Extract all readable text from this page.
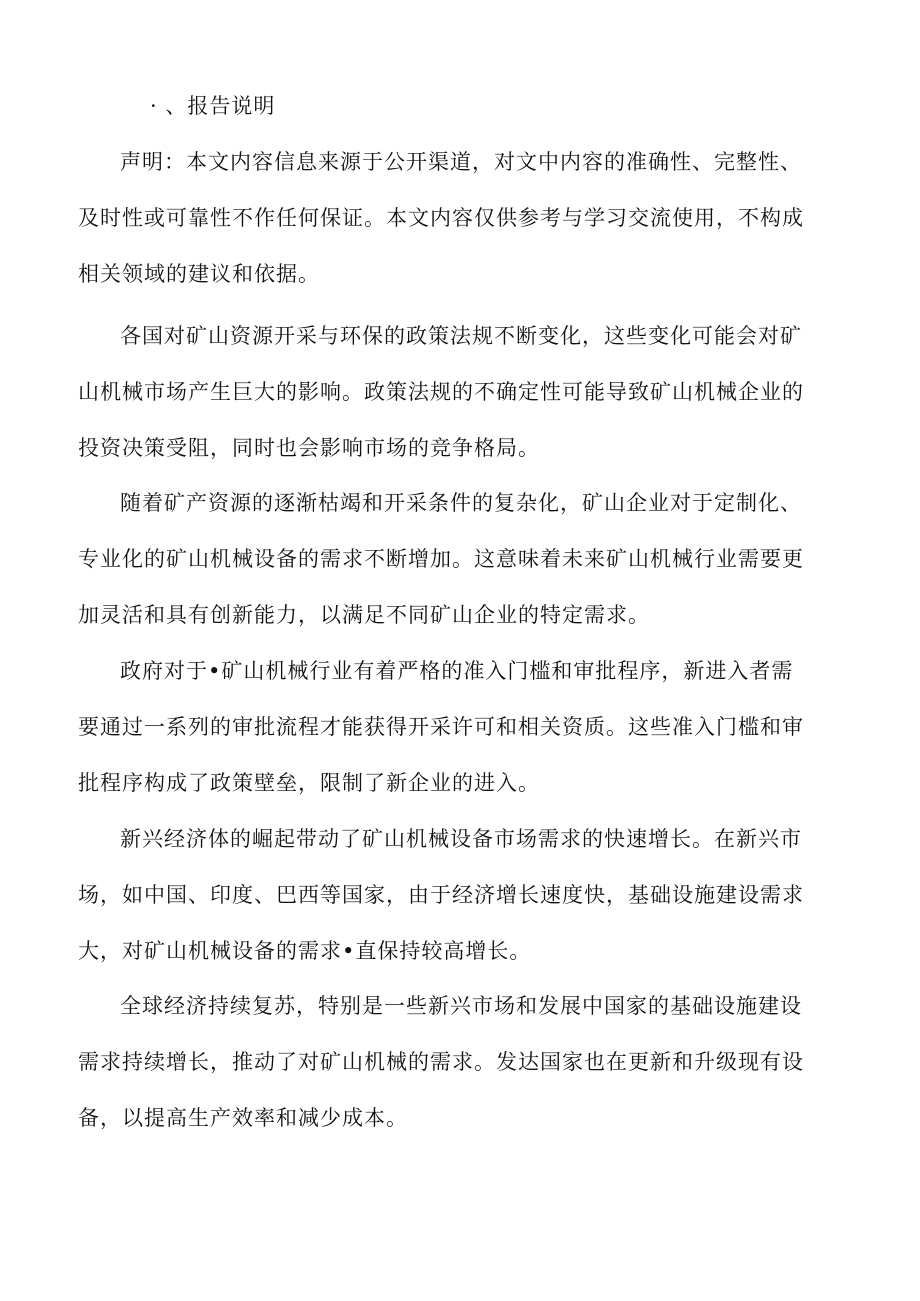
· 、报告说明
声明：本文内容信息来源于公开渠道，对文中内容的准确性、完整性、
及时性或可靠性不作任何保证。本文内容仅供参考与学习交流使用，不构成
相关领域的建议和依据。
各国对矿山资源开采与环保的政策法规不断变化，这些变化可能会对矿
山机械市场产生巨大的影响。政策法规的不确定性可能导致矿山机械企业的
投资决策受阻，同时也会影响市场的竞争格局。
随着矿产资源的逐渐枯竭和开采条件的复杂化，矿山企业对于定制化、
专业化的矿山机械设备的需求不断增加。这意味着未来矿山机械行业需要更
加灵活和具有创新能力，以满足不同矿山企业的特定需求。
政府对于•矿山机械行业有着严格的准入门槛和审批程序，新进入者需
要通过一系列的审批流程才能获得开采许可和相关资质。这些准入门槛和审
批程序构成了政策壁垒，限制了新企业的进入。
新兴经济体的崛起带动了矿山机械设备市场需求的快速增长。在新兴市
场，如中国、印度、巴西等国家，由于经济增长速度快，基础设施建设需求
大，对矿山机械设备的需求•直保持较高增长。
全球经济持续复苏，特别是一些新兴市场和发展中国家的基础设施建设
需求持续增长，推动了对矿山机械的需求。发达国家也在更新和升级现有设
备，以提高生产效率和减少成本。
